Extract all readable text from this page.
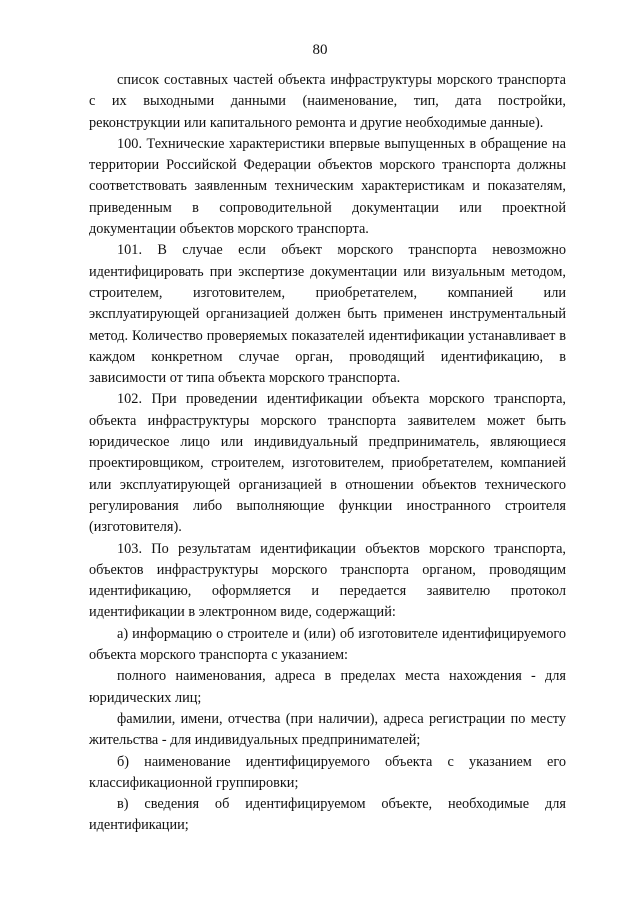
80

список составных частей объекта инфраструктуры морского транспорта с их выходными данными (наименование, тип, дата постройки, реконструкции или капитального ремонта и другие необходимые данные).

100. Технические характеристики впервые выпущенных в обращение на территории Российской Федерации объектов морского транспорта должны соответствовать заявленным техническим характеристикам и показателям, приведенным в сопроводительной документации или проектной документации объектов морского транспорта.

101. В случае если объект морского транспорта невозможно идентифицировать при экспертизе документации или визуальным методом, строителем, изготовителем, приобретателем, компанией или эксплуатирующей организацией должен быть применен инструментальный метод. Количество проверяемых показателей идентификации устанавливает в каждом конкретном случае орган, проводящий идентификацию, в зависимости от типа объекта морского транспорта.

102. При проведении идентификации объекта морского транспорта, объекта инфраструктуры морского транспорта заявителем может быть юридическое лицо или индивидуальный предприниматель, являющиеся проектировщиком, строителем, изготовителем, приобретателем, компанией или эксплуатирующей организацией в отношении объектов технического регулирования либо выполняющие функции иностранного строителя (изготовителя).

103. По результатам идентификации объектов морского транспорта, объектов инфраструктуры морского транспорта органом, проводящим идентификацию, оформляется и передается заявителю протокол идентификации в электронном виде, содержащий:

а) информацию о строителе и (или) об изготовителе идентифицируемого объекта морского транспорта с указанием:

полного наименования, адреса в пределах места нахождения - для юридических лиц;

фамилии, имени, отчества (при наличии), адреса регистрации по месту жительства - для индивидуальных предпринимателей;

б) наименование идентифицируемого объекта с указанием его классификационной группировки;

в) сведения об идентифицируемом объекте, необходимые для идентификации;
